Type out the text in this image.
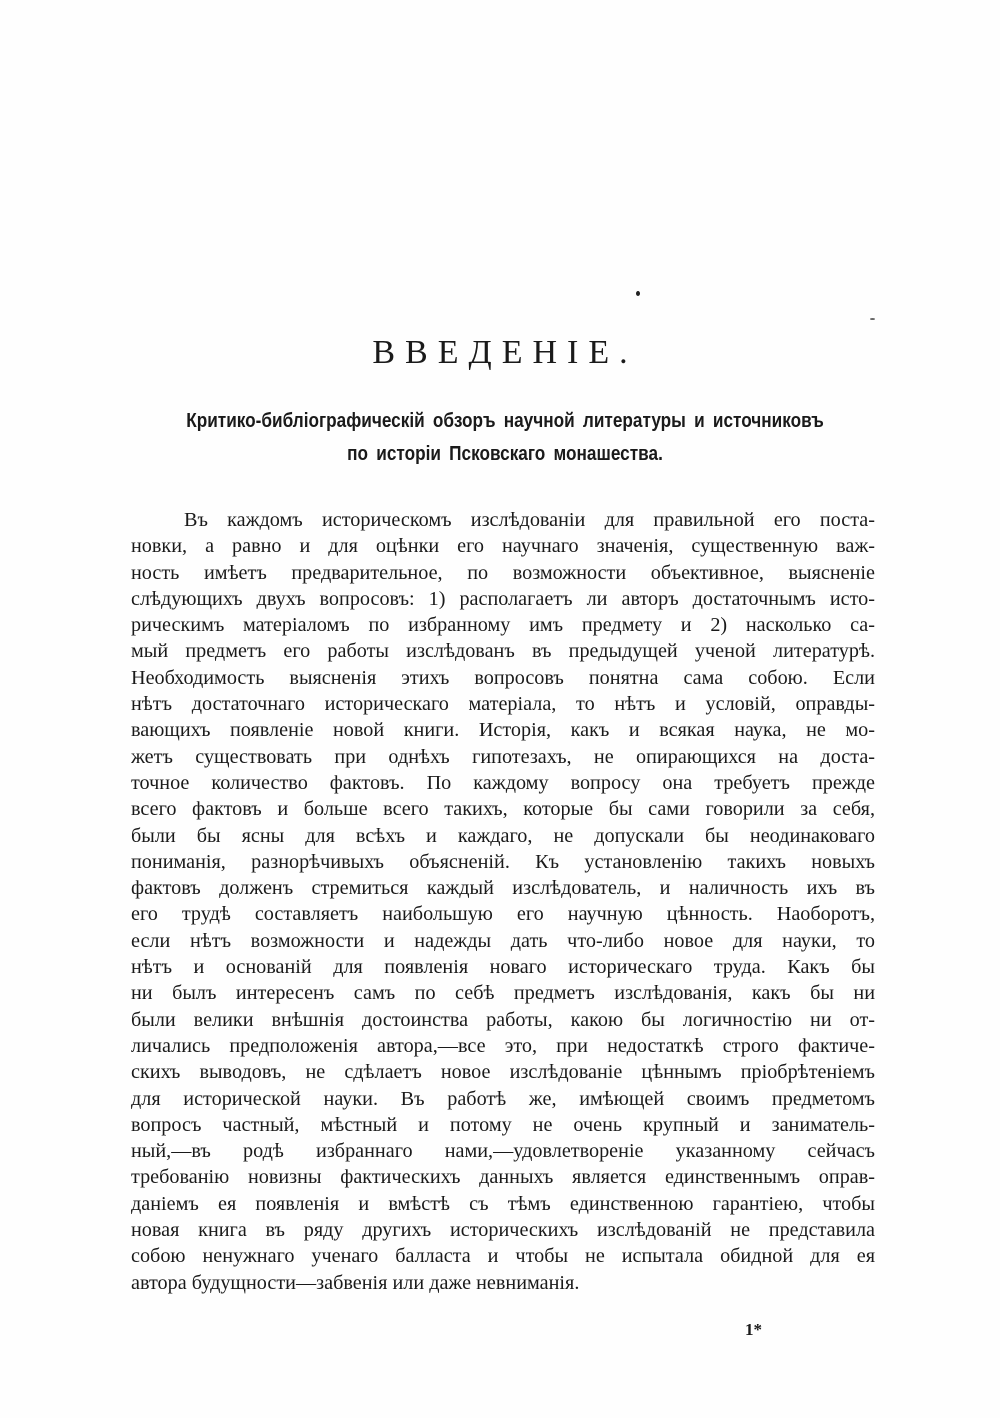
ВВЕДЕНІЕ.
Критико-библіографическій обзоръ научной литературы и источниковъ
по исторіи Псковскаго монашества.
Въ каждомъ историческомъ изслѣдованіи для правильной его поста-
новки, а равно и для оцѣнки его научнаго значенія, существенную важ-
ность имѣетъ предварительное, по возможности объективное, выясненіе
слѣдующихъ двухъ вопросовъ: 1) располагаетъ ли авторъ достаточнымъ исто-
рическимъ матеріаломъ по избранному имъ предмету и 2) насколько са-
мый предметъ его работы изслѣдованъ въ предыдущей ученой литературѣ.
Необходимость выясненія этихъ вопросовъ понятна сама собою. Если
нѣтъ достаточнаго историческаго матеріала, то нѣтъ и условій, оправды-
вающихъ появленіе новой книги. Исторія, какъ и всякая наука, не мо-
жетъ существовать при однѣхъ гипотезахъ, не опирающихся на доста-
точное количество фактовъ. По каждому вопросу она требуетъ прежде
всего фактовъ и больше всего такихъ, которые бы сами говорили за себя,
были бы ясны для всѣхъ и каждаго, не допускали бы неодинаковаго
пониманія, разнорѣчивыхъ объясненій. Къ установленію такихъ новыхъ
фактовъ долженъ стремиться каждый изслѣдователь, и наличность ихъ въ
его трудѣ составляетъ наибольшую его научную цѣнность. Наоборотъ,
если нѣтъ возможности и надежды дать что-либо новое для науки, то
нѣтъ и основаній для появленія новаго историческаго труда. Какъ бы
ни былъ интересенъ самъ по себѣ предметъ изслѣдованія, какъ бы ни
были велики внѣшнія достоинства работы, какою бы логичностію ни от-
личались предположенія автора,—все это, при недостаткѣ строго фактиче-
скихъ выводовъ, не сдѣлаетъ новое изслѣдованіе цѣннымъ пріобрѣтеніемъ
для исторической науки. Въ работѣ же, имѣющей своимъ предметомъ
вопросъ частный, мѣстный и потому не очень крупный и заниматель-
ный,—въ родѣ избраннаго нами,—удовлетвореніе указанному сейчасъ
требованію новизны фактическихъ данныхъ является единственнымъ оправ-
даніемъ ея появленія и вмѣстѣ съ тѣмъ единственною гарантіею, чтобы
новая книга въ ряду другихъ историческихъ изслѣдованій не представила
собою ненужнаго ученаго балласта и чтобы не испытала обидной для ея
автора будущности—забвенія или даже невниманія.
1*
